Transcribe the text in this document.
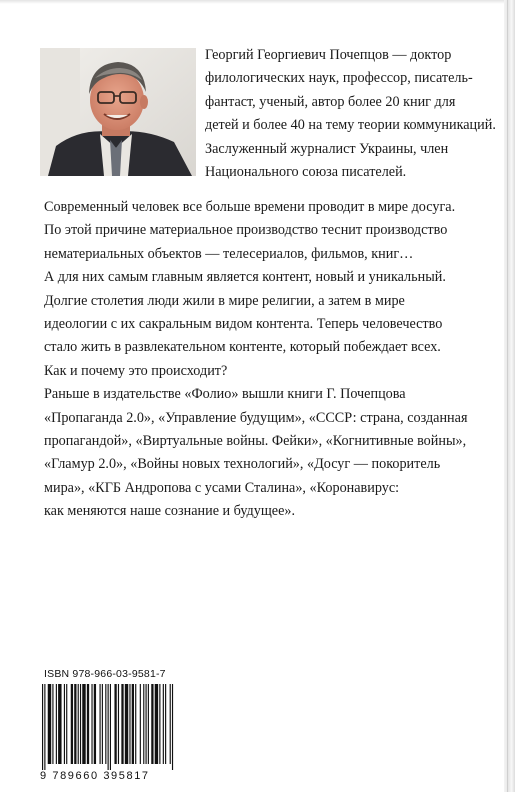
Георгий Георгиевич Почепцов — доктор
филологических наук, профессор, писатель-
фантаст, ученый, автор более 20 книг для
детей и более 40 на тему теории коммуникаций.
Заслуженный журналист Украины, член
Национального союза писателей.
Современный человек все больше времени проводит в мире досуга.
По этой причине материальное производство теснит производство
нематериальных объектов — телесериалов, фильмов, книг…
А для них самым главным является контент, новый и уникальный.
Долгие столетия люди жили в мире религии, а затем в мире
идеологии с их сакральным видом контента. Теперь человечество
стало жить в развлекательном контенте, который побеждает всех.
Как и почему это происходит?
Раньше в издательстве «Фолио» вышли книги Г. Почепцова
«Пропаганда 2.0», «Управление будущим», «СССР: страна, созданная
пропагандой», «Виртуальные войны. Фейки», «Когнитивные войны»,
«Гламур 2.0», «Войны новых технологий», «Досуг — покоритель
мира», «КГБ Андропова с усами Сталина», «Коронавирус:
как меняются наше сознание и будущее».
ISBN 978-966-03-9581-7
9 789660 395817
